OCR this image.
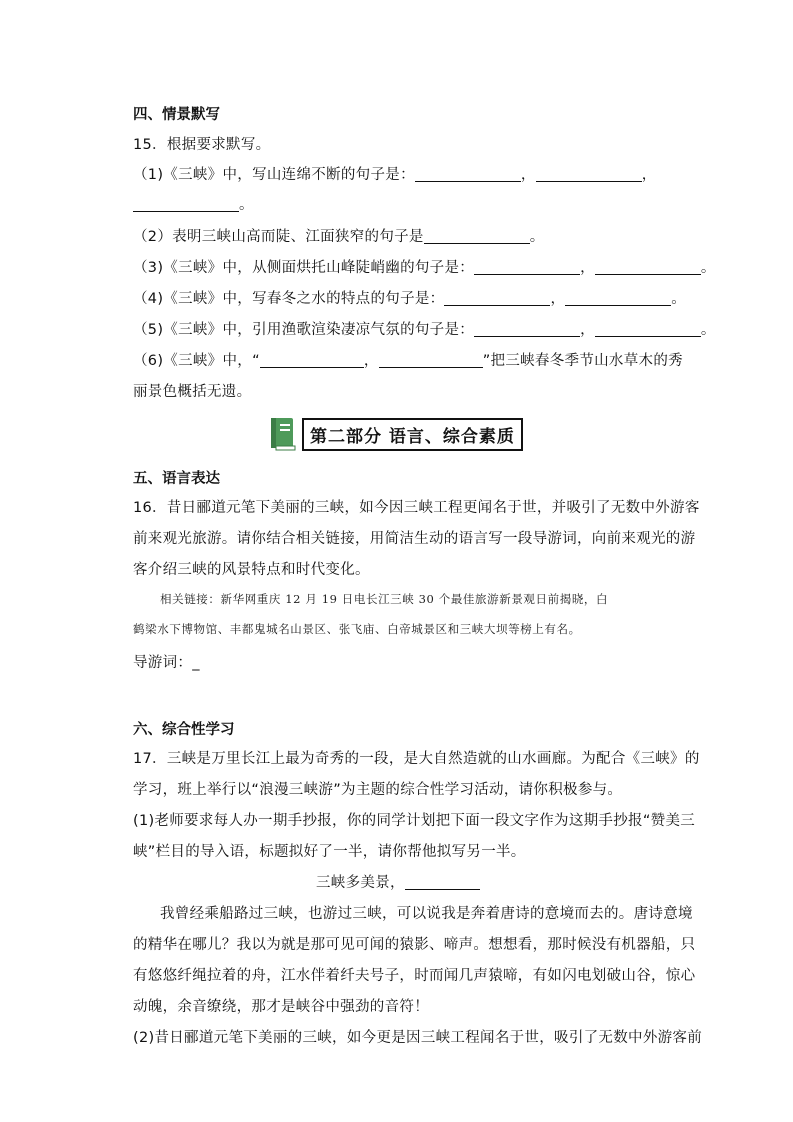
四、情景默写
15．根据要求默写。
（1)《三峡》中，写山连绵不断的句子是：	，	，
。
（2）表明三峡山高而陡、江面狭窄的句子是	。
（3)《三峡》中，从侧面烘托山峰陡峭幽的句子是：	，	。
（4)《三峡》中，写春冬之水的特点的句子是：	，	。
（5)《三峡》中，引用渔歌渲染凄凉气氛的句子是：	，	。
（6)《三峡》中，“	，	”把三峡春冬季节山水草木的秀
丽景色概括无遗。
第二部分 语言、综合素质
五、语言表达
16．昔日郦道元笔下美丽的三峡，如今因三峡工程更闻名于世，并吸引了无数中外游客
前来观光旅游。请你结合相关链接，用简洁生动的语言写一段导游词，向前来观光的游
客介绍三峡的风景特点和时代变化。
相关链接：新华网重庆 12 月 19 日电长江三峡 30 个最佳旅游新景观日前揭晓，白
鹤梁水下博物馆、丰都鬼城名山景区、张飞庙、白帝城景区和三峡大坝等榜上有名。
导游词：_
六、综合性学习
17．三峡是万里长江上最为奇秀的一段，是大自然造就的山水画廊。为配合《三峡》的
学习，班上举行以“浪漫三峡游”为主题的综合性学习活动，请你积极参与。
(1)老师要求每人办一期手抄报，你的同学计划把下面一段文字作为这期手抄报“赞美三
峡”栏目的导入语，标题拟好了一半，请你帮他拟写另一半。
三峡多美景，
我曾经乘船路过三峡，也游过三峡，可以说我是奔着唐诗的意境而去的。唐诗意境
的精华在哪儿？我以为就是那可见可闻的猿影、啼声。想想看，那时候没有机器船，只
有悠悠纤绳拉着的舟，江水伴着纤夫号子，时而闻几声猿啼，有如闪电划破山谷，惊心
动魄，余音缭绕，那才是峡谷中强劲的音符！
(2)昔日郦道元笔下美丽的三峡，如今更是因三峡工程闻名于世，吸引了无数中外游客前
